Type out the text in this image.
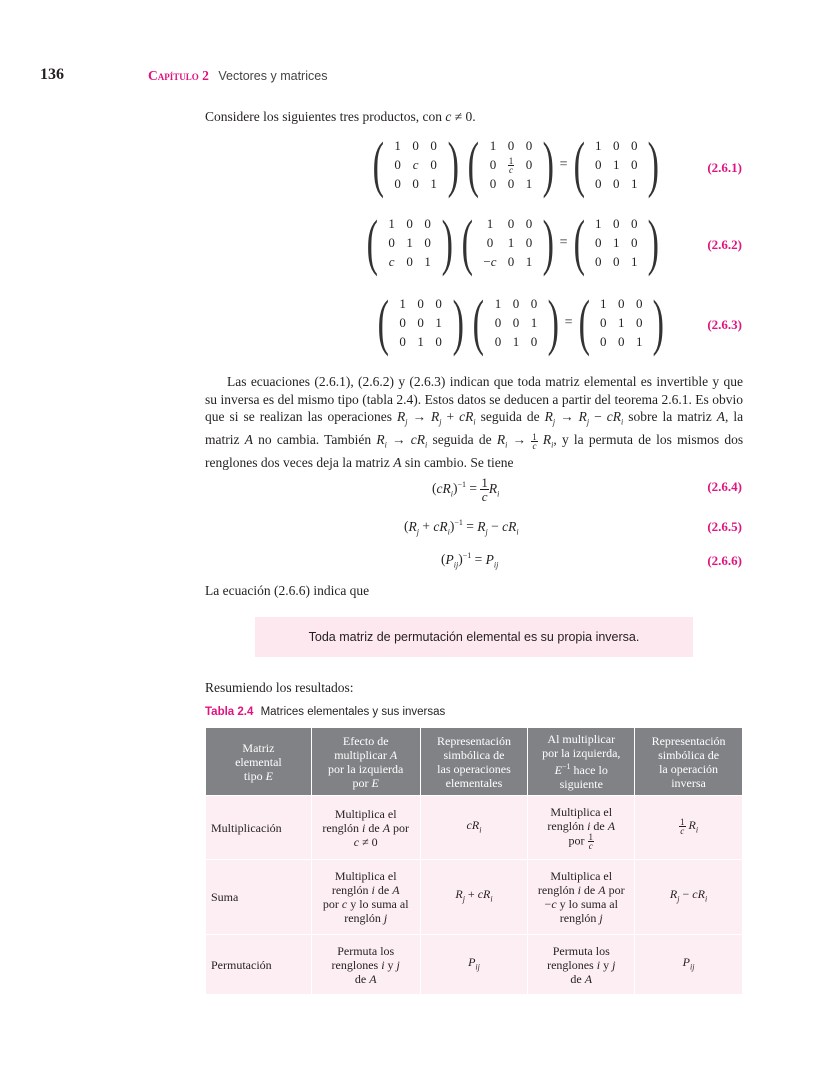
136	Capítulo 2 Vectores y matrices
Considere los siguientes tres productos, con c ≠ 0.
( 1 0 0
0 c 0
0 0 1 ) ( 1 0 0
0	$\frac{1}{c} 0$
0 0 1 ) = ( 1 0 0
0 1 0
0 0 1 )	(2.6.1)
( 1 0 0
0 1 0
c 0 1 ) (	1	0 0
0	1 0
−c 0 1 ) = ( 1 0 0
0 1 0
0 0 1 )	(2.6.2)
( 1 0 0
0 0 1
0 1 0 ) ( 1 0 0
0 0 1
0 1 0 ) = ( 1 0 0
0 1 0
0 0 1 )	(2.6.3)
Las ecuaciones (2.6.1), (2.6.2) y (2.6.3) indican que toda matriz elemental es invertible y que su inversa es del mismo tipo (tabla 2.4). Estos datos se deducen a partir del teorema 2.6.1. Es obvio que si se realizan las operaciones $R_j \to R_j + cR_i$ seguida de $R_j \to R_j - cR_i$ sobre la matriz A, la matriz A no cambia. También $R_i \to cR_i$ seguida de $R_i \to \frac{1}{c} R_i$, y la permuta de los mismos dos renglones dos veces deja la matriz A sin cambio. Se tiene
$(cR_i)^{-1} = \frac{1}{c} R_i$	(2.6.4)
$(R_j + cR_i)^{-1} = R_j - cR_i$	(2.6.5)
$(P_{ij})^{-1} = P_{ij}$	(2.6.6)
La ecuación (2.6.6) indica que
Toda matriz de permutación elemental es su propia inversa.
Resumiendo los resultados:
Tabla 2.4 Matrices elementales y sus inversas
Matriz
elemental
tipo E	Efecto de
multiplicar A
por la izquierda
por E	Representación
simbólica de
las operaciones
elementales	Al multiplicar
por la izquierda,
$E^{-1}$ hace lo
siguiente	Representación
simbólica de
la operación
inversa
Multiplicación	Multiplica el
renglón i de A por
c ≠ 0	$cR_i$	Multiplica el
renglón i de A
por $\frac{1}{c}$	$\frac{1}{c} R_i$
Suma	Multiplica el
renglón i de A
por c y lo suma al
renglón j	$R_j + cR_i$	Multiplica el
renglón i de A por
−c y lo suma al
renglón j	$R_j - cR_i$
Permutación	Permuta los
renglones i y j
de A	$P_{ij}$	Permuta los
renglones i y j
de A	$P_{ij}$
